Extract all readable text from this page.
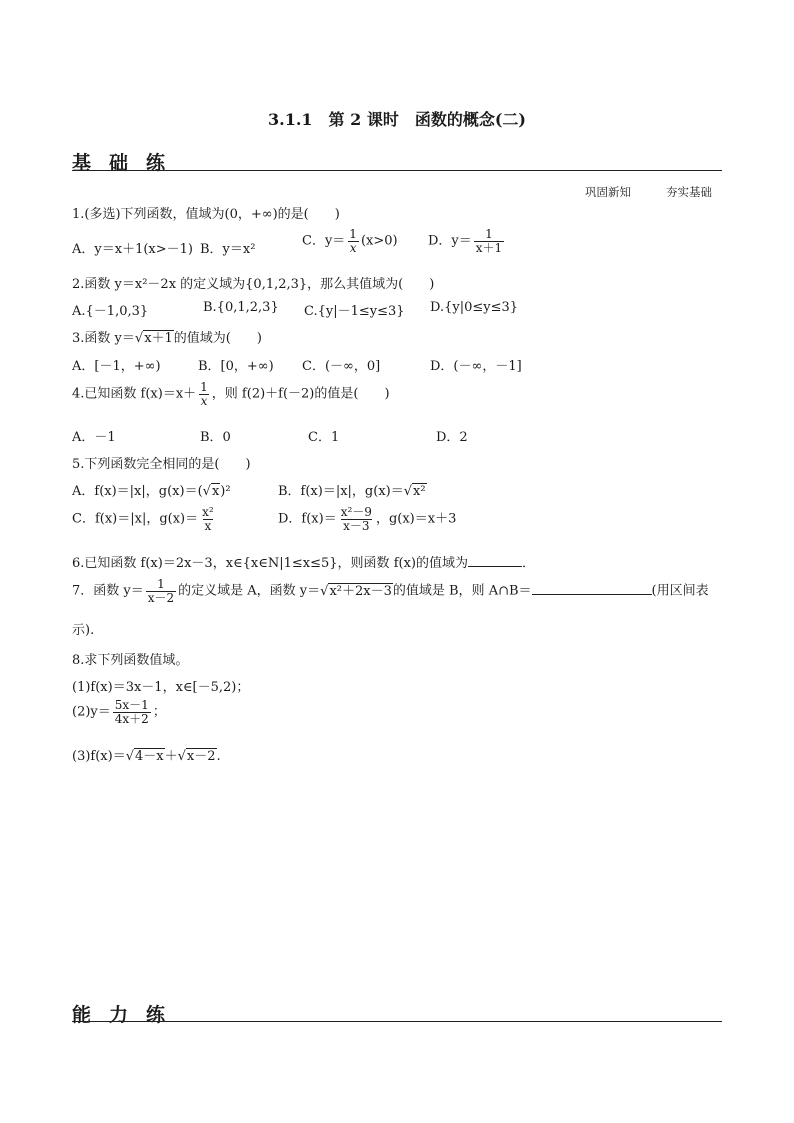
3.1.1　第 2 课时　函数的概念(二)
基础练
巩固新知	夯实基础
1.(多选)下列函数，值域为(0，+∞)的是(　　)
A．y＝x＋1(x>－1) B．y＝x²
C．$y= \frac{1}{x} (x>0)$ D．$y= \frac{1}{x+1}$
2.函数 y＝x²－2x 的定义域为{0,1,2,3}，那么其值域为(　　)
A.{－1,0,3}	B.{0,1,2,3} C.{y|－1≤y≤3} D.{y|0≤y≤3}
3.函数 y＝√x＋1的值域为(　　)
A．[－1，+∞)	B．[0，+∞) C．(－∞，0]	D．(－∞，－1]
4.已知函数 $f(x)=x+ \frac{1}{x}$ ，则 f(2)＋f(－2)的值是(　　)
A．－1	B．0	C．1	D．2
5.下列函数完全相同的是(　　)
A．f(x)＝|x|，g(x)＝(√x)²	B．f(x)＝|x|，g(x)＝√x²
C．f(x)＝|x|，$g(x)= \frac{\text{x²}}{x}$	D．$f(x)= \frac{\text{x²－9}}{x-3}$ ，g(x)＝x＋3
6.已知函数 f(x)＝2x－3，x∈{x∈N|1≤x≤5}，则函数 f(x)的值域为	．
7．函数 $y= \frac{1}{x-2}$ 的定义域是 A，函数 y＝√x²＋2x－3的值域是 B，则 A∩B＝	(用区间表
示).
8.求下列函数值域。
(1)f(x)＝3x－1，x∈[－5,2)；
$(2)y= \frac{5x-1}{4x+2}$ ；
(3)f(x)＝√4－x＋√x－2.
能力练
